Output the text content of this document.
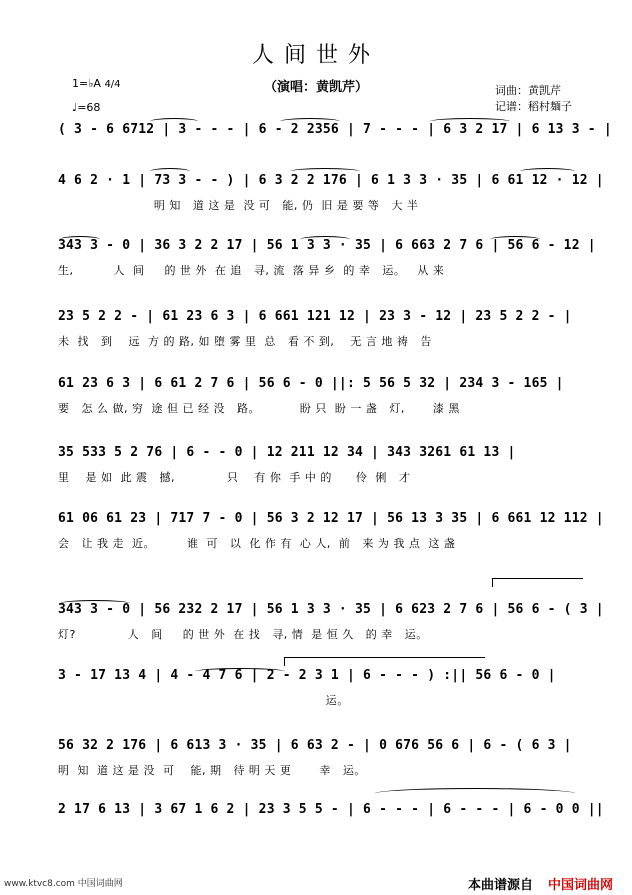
人间世外
（演唱：黄凯芹）	词曲：黄凯芹
记谱：稻村麺子
1=♭A 4/4
♩=68
( 3 - 6 6712 | 3 - - - | 6 - 2 2356 | 7 - - - | 6 3 2 17 | 6 13 3 - |
4 6 2 · 1 | 73 3 - - ) | 6 3 2 2 176 | 6 1 3 3 · 35 | 6 61 12 · 12 |
明 知   道 这 是  没 可   能, 仍  旧 是 要 等   大 半
343 3 - 0 | 36 3 2 2 17 | 56 1 3 3 · 35 | 6 663 2 7 6 | 56 6 - 12 |
生,          人  间     的 世 外  在 追   寻, 流  落 异 乡  的 幸   运。   从 来
23 5 2 2 - | 61 23 6 3 | 6 661 121 12 | 23 3 - 12 | 23 5 2 2 - |
未  找   到    远  方 的 路, 如 堕 雾 里  总   看 不 到,    无 言 地 祷   告
61 23 6 3 | 6 61 2 7 6 | 56 6 - 0 ||: 5 56 5 32 | 234 3 - 165 |
要   怎 么 做, 穷  途 但 已 经 没   路。          盼 只  盼 一 盏   灯,       漆 黑
35 533 5 2 76 | 6 - - 0 | 12 211 12 34 | 343 3261 61 13 |
里    是 如  此 震   撼,             只    有 你  手 中 的      伶  俐   才
61 06 61 23 | 717 7 - 0 | 56 3 2 12 17 | 56 13 3 35 | 6 661 12 112 |
会   让 我 走  近。        谁  可   以  化 作 有  心 人,  前   来 为 我 点  这 盏
343 3 - 0 | 56 232 2 17 | 56 1 3 3 · 35 | 6 623 2 7 6 | 56 6 - ( 3 |
灯?             人   间     的 世 外  在 找   寻, 情  是 恒 久   的 幸   运。
3 - 17 13 4 | 4 - 4 7 6 | 2 - 2 3 1 | 6 - - - ) :|| 56 6 - 0 |
运。
56 32 2 176 | 6 613 3 · 35 | 6 63 2 - | 0 676 56 6 | 6 - ( 6 3 |
明  知  道 这 是 没  可    能, 期   待 明 天 更       幸   运。
2 17 6 13 | 3 67 1 6 2 | 23 3 5 5 - | 6 - - - | 6 - - - | 6 - 0 0 ||
www.ktvc8.com 中国词曲网	本曲谱源自 中国词曲网
